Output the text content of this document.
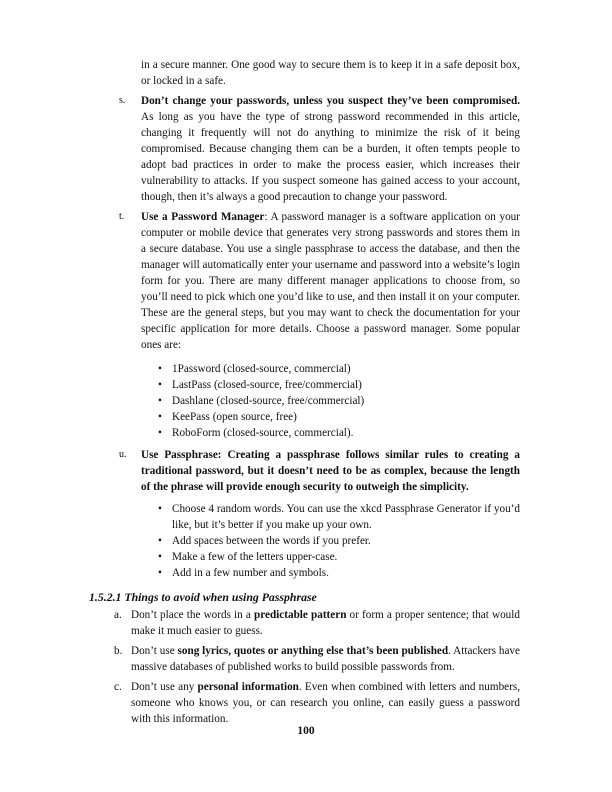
in a secure manner. One good way to secure them is to keep it in a safe deposit box, or locked in a safe.

s. Don’t change your passwords, unless you suspect they’ve been compromised. As long as you have the type of strong password recommended in this article, changing it frequently will not do anything to minimize the risk of it being compromised. Because changing them can be a burden, it often tempts people to adopt bad practices in order to make the process easier, which increases their vulnerability to attacks. If you suspect someone has gained access to your account, though, then it’s always a good precaution to change your password.
t. Use a Password Manager: A password manager is a software application on your computer or mobile device that generates very strong passwords and stores them in a secure database. You use a single passphrase to access the database, and then the manager will automatically enter your username and password into a website’s login form for you. There are many different manager applications to choose from, so you’ll need to pick which one you’d like to use, and then install it on your computer. These are the general steps, but you may want to check the documentation for your specific application for more details. Choose a password manager. Some popular ones are:
• 1Password (closed-source, commercial)
• LastPass (closed-source, free/commercial)
• Dashlane (closed-source, free/commercial)
• KeePass (open source, free)
• RoboForm (closed-source, commercial).
u. Use Passphrase: Creating a passphrase follows similar rules to creating a traditional password, but it doesn’t need to be as complex, because the length of the phrase will provide enough security to outweigh the simplicity.
• Choose 4 random words. You can use the xkcd Passphrase Generator if you’d like, but it’s better if you make up your own.
• Add spaces between the words if you prefer.
• Make a few of the letters upper-case.
• Add in a few number and symbols.
1.5.2.1 Things to avoid when using Passphrase
a. Don’t place the words in a predictable pattern or form a proper sentence; that would make it much easier to guess.
b. Don’t use song lyrics, quotes or anything else that’s been published. Attackers have massive databases of published works to build possible passwords from.
c. Don’t use any personal information. Even when combined with letters and numbers, someone who knows you, or can research you online, can easily guess a password with this information.
100
